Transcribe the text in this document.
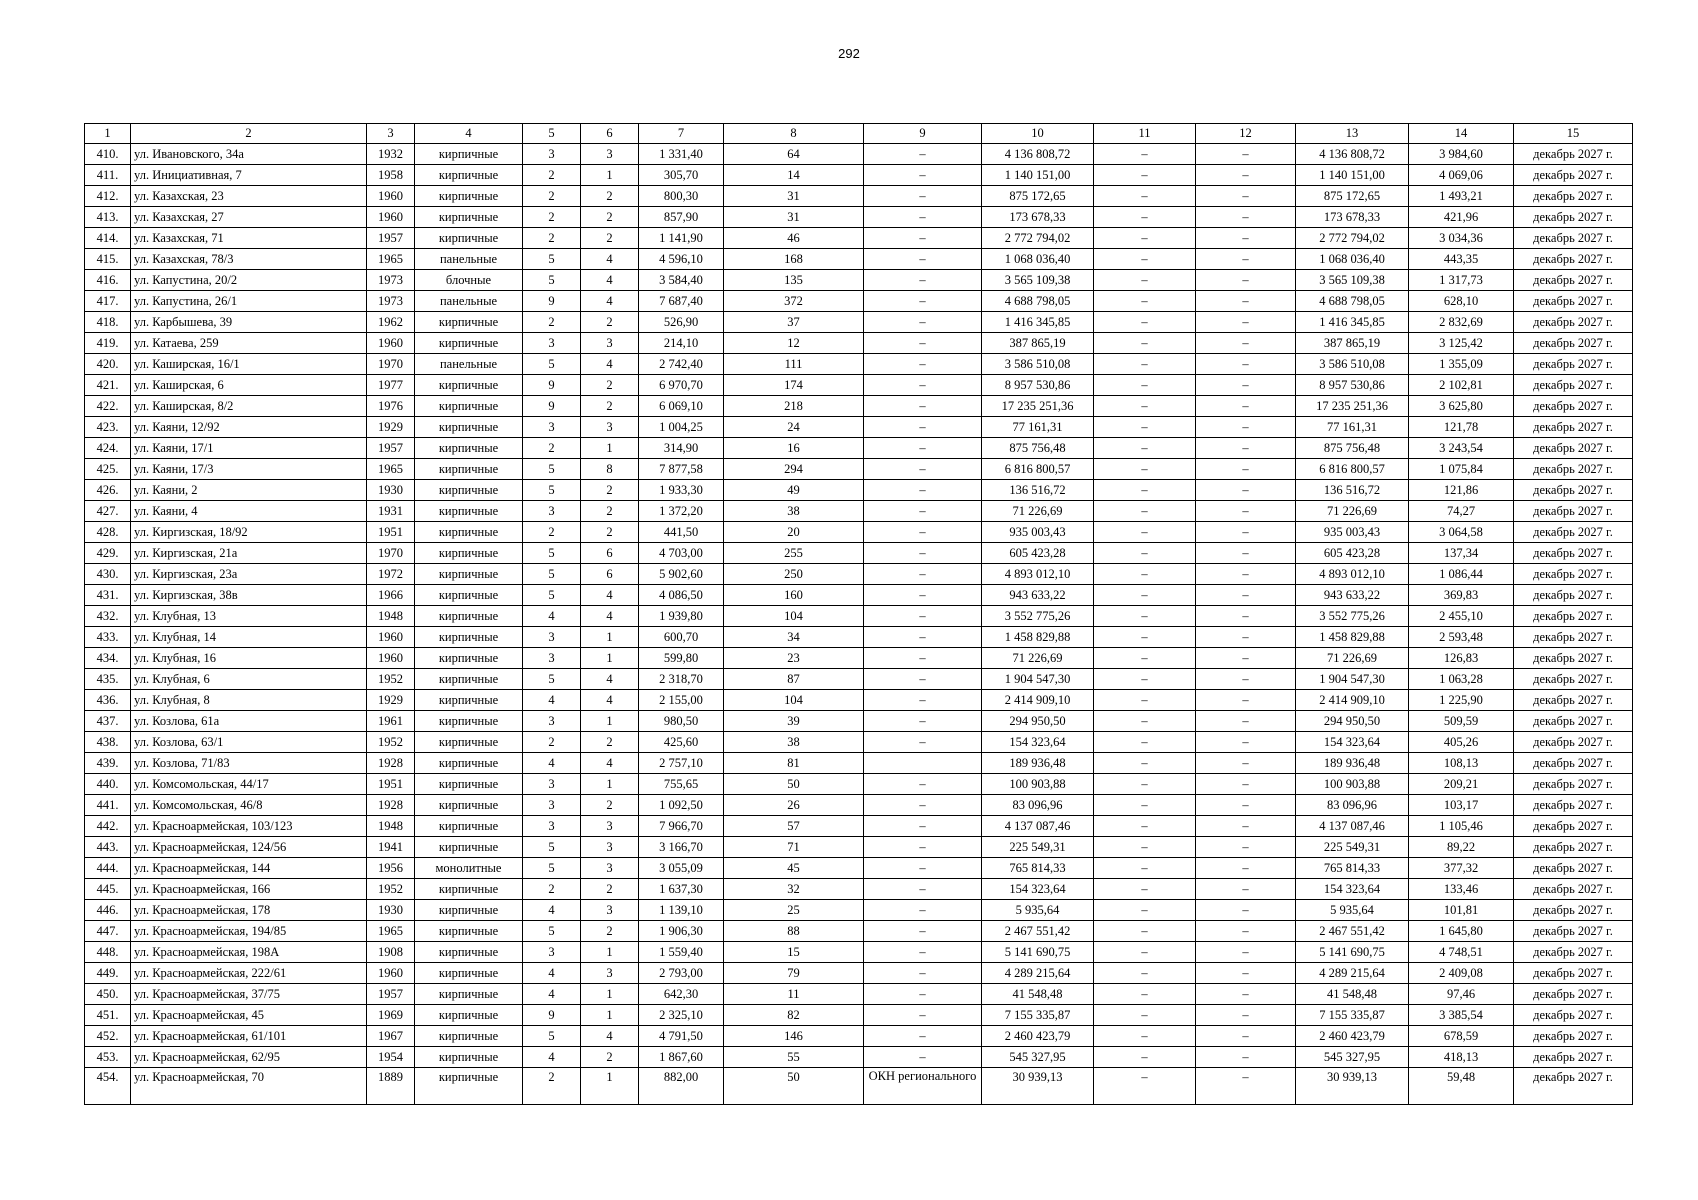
292
1	2	3	4	5	6	7	8	9	10	11	12	13	14	15
410.	ул. Ивановского, 34а	1932	кирпичные	3	3	1 331,40	64	–	4 136 808,72	–	–	4 136 808,72	3 984,60	декабрь 2027 г.
411.	ул. Инициативная, 7	1958	кирпичные	2	1	305,70	14	–	1 140 151,00	–	–	1 140 151,00	4 069,06	декабрь 2027 г.
412.	ул. Казахская, 23	1960	кирпичные	2	2	800,30	31	–	875 172,65	–	–	875 172,65	1 493,21	декабрь 2027 г.
413.	ул. Казахская, 27	1960	кирпичные	2	2	857,90	31	–	173 678,33	–	–	173 678,33	421,96	декабрь 2027 г.
414.	ул. Казахская, 71	1957	кирпичные	2	2	1 141,90	46	–	2 772 794,02	–	–	2 772 794,02	3 034,36	декабрь 2027 г.
415.	ул. Казахская, 78/3	1965	панельные	5	4	4 596,10	168	–	1 068 036,40	–	–	1 068 036,40	443,35	декабрь 2027 г.
416.	ул. Капустина, 20/2	1973	блочные	5	4	3 584,40	135	–	3 565 109,38	–	–	3 565 109,38	1 317,73	декабрь 2027 г.
417.	ул. Капустина, 26/1	1973	панельные	9	4	7 687,40	372	–	4 688 798,05	–	–	4 688 798,05	628,10	декабрь 2027 г.
418.	ул. Карбышева, 39	1962	кирпичные	2	2	526,90	37	–	1 416 345,85	–	–	1 416 345,85	2 832,69	декабрь 2027 г.
419.	ул. Катаева, 259	1960	кирпичные	3	3	214,10	12	–	387 865,19	–	–	387 865,19	3 125,42	декабрь 2027 г.
420.	ул. Каширская, 16/1	1970	панельные	5	4	2 742,40	111	–	3 586 510,08	–	–	3 586 510,08	1 355,09	декабрь 2027 г.
421.	ул. Каширская, 6	1977	кирпичные	9	2	6 970,70	174	–	8 957 530,86	–	–	8 957 530,86	2 102,81	декабрь 2027 г.
422.	ул. Каширская, 8/2	1976	кирпичные	9	2	6 069,10	218	–	17 235 251,36	–	–	17 235 251,36	3 625,80	декабрь 2027 г.
423.	ул. Каяни, 12/92	1929	кирпичные	3	3	1 004,25	24	–	77 161,31	–	–	77 161,31	121,78	декабрь 2027 г.
424.	ул. Каяни, 17/1	1957	кирпичные	2	1	314,90	16	–	875 756,48	–	–	875 756,48	3 243,54	декабрь 2027 г.
425.	ул. Каяни, 17/3	1965	кирпичные	5	8	7 877,58	294	–	6 816 800,57	–	–	6 816 800,57	1 075,84	декабрь 2027 г.
426.	ул. Каяни, 2	1930	кирпичные	5	2	1 933,30	49	–	136 516,72	–	–	136 516,72	121,86	декабрь 2027 г.
427.	ул. Каяни, 4	1931	кирпичные	3	2	1 372,20	38	–	71 226,69	–	–	71 226,69	74,27	декабрь 2027 г.
428.	ул. Киргизская, 18/92	1951	кирпичные	2	2	441,50	20	–	935 003,43	–	–	935 003,43	3 064,58	декабрь 2027 г.
429.	ул. Киргизская, 21а	1970	кирпичные	5	6	4 703,00	255	–	605 423,28	–	–	605 423,28	137,34	декабрь 2027 г.
430.	ул. Киргизская, 23а	1972	кирпичные	5	6	5 902,60	250	–	4 893 012,10	–	–	4 893 012,10	1 086,44	декабрь 2027 г.
431.	ул. Киргизская, 38в	1966	кирпичные	5	4	4 086,50	160	–	943 633,22	–	–	943 633,22	369,83	декабрь 2027 г.
432.	ул. Клубная, 13	1948	кирпичные	4	4	1 939,80	104	–	3 552 775,26	–	–	3 552 775,26	2 455,10	декабрь 2027 г.
433.	ул. Клубная, 14	1960	кирпичные	3	1	600,70	34	–	1 458 829,88	–	–	1 458 829,88	2 593,48	декабрь 2027 г.
434.	ул. Клубная, 16	1960	кирпичные	3	1	599,80	23	–	71 226,69	–	–	71 226,69	126,83	декабрь 2027 г.
435.	ул. Клубная, 6	1952	кирпичные	5	4	2 318,70	87	–	1 904 547,30	–	–	1 904 547,30	1 063,28	декабрь 2027 г.
436.	ул. Клубная, 8	1929	кирпичные	4	4	2 155,00	104	–	2 414 909,10	–	–	2 414 909,10	1 225,90	декабрь 2027 г.
437.	ул. Козлова, 61а	1961	кирпичные	3	1	980,50	39	–	294 950,50	–	–	294 950,50	509,59	декабрь 2027 г.
438.	ул. Козлова, 63/1	1952	кирпичные	2	2	425,60	38	–	154 323,64	–	–	154 323,64	405,26	декабрь 2027 г.
439.	ул. Козлова, 71/83	1928	кирпичные	4	4	2 757,10	81		189 936,48	–	–	189 936,48	108,13	декабрь 2027 г.
440.	ул. Комсомольская, 44/17	1951	кирпичные	3	1	755,65	50	–	100 903,88	–	–	100 903,88	209,21	декабрь 2027 г.
441.	ул. Комсомольская, 46/8	1928	кирпичные	3	2	1 092,50	26	–	83 096,96	–	–	83 096,96	103,17	декабрь 2027 г.
442.	ул. Красноармейская, 103/123	1948	кирпичные	3	3	7 966,70	57	–	4 137 087,46	–	–	4 137 087,46	1 105,46	декабрь 2027 г.
443.	ул. Красноармейская, 124/56	1941	кирпичные	5	3	3 166,70	71	–	225 549,31	–	–	225 549,31	89,22	декабрь 2027 г.
444.	ул. Красноармейская, 144	1956	монолитные	5	3	3 055,09	45	–	765 814,33	–	–	765 814,33	377,32	декабрь 2027 г.
445.	ул. Красноармейская, 166	1952	кирпичные	2	2	1 637,30	32	–	154 323,64	–	–	154 323,64	133,46	декабрь 2027 г.
446.	ул. Красноармейская, 178	1930	кирпичные	4	3	1 139,10	25	–	5 935,64	–	–	5 935,64	101,81	декабрь 2027 г.
447.	ул. Красноармейская, 194/85	1965	кирпичные	5	2	1 906,30	88	–	2 467 551,42	–	–	2 467 551,42	1 645,80	декабрь 2027 г.
448.	ул. Красноармейская, 198А	1908	кирпичные	3	1	1 559,40	15	–	5 141 690,75	–	–	5 141 690,75	4 748,51	декабрь 2027 г.
449.	ул. Красноармейская, 222/61	1960	кирпичные	4	3	2 793,00	79	–	4 289 215,64	–	–	4 289 215,64	2 409,08	декабрь 2027 г.
450.	ул. Красноармейская, 37/75	1957	кирпичные	4	1	642,30	11	–	41 548,48	–	–	41 548,48	97,46	декабрь 2027 г.
451.	ул. Красноармейская, 45	1969	кирпичные	9	1	2 325,10	82	–	7 155 335,87	–	–	7 155 335,87	3 385,54	декабрь 2027 г.
452.	ул. Красноармейская, 61/101	1967	кирпичные	5	4	4 791,50	146	–	2 460 423,79	–	–	2 460 423,79	678,59	декабрь 2027 г.
453.	ул. Красноармейская, 62/95	1954	кирпичные	4	2	1 867,60	55	–	545 327,95	–	–	545 327,95	418,13	декабрь 2027 г.
454.	ул. Красноармейская, 70	1889	кирпичные	2	1	882,00	50	ОКН регионального	30 939,13	–	–	30 939,13	59,48	декабрь 2027 г.
